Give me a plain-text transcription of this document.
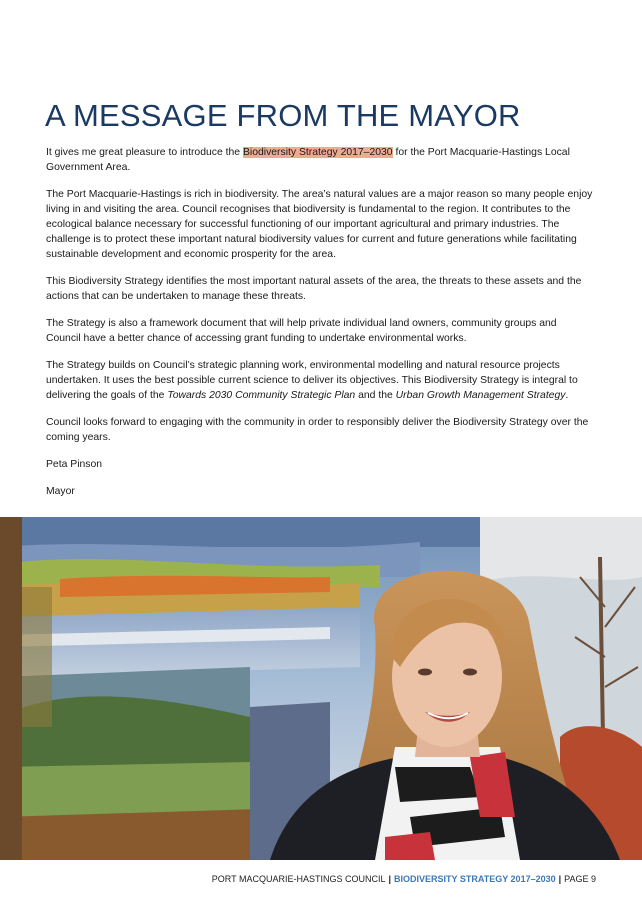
A MESSAGE FROM THE MAYOR

It gives me great pleasure to introduce the Biodiversity Strategy 2017–2030 for the Port Macquarie-Hastings Local Government Area.

The Port Macquarie-Hastings is rich in biodiversity. The area’s natural values are a major reason so many people enjoy living in and visiting the area. Council recognises that biodiversity is fundamental to the region. It contributes to the ecological balance necessary for successful functioning of our important agricultural and primary industries. The challenge is to protect these important natural biodiversity values for current and future generations while facilitating sustainable development and economic prosperity for the area.

This Biodiversity Strategy identifies the most important natural assets of the area, the threats to these assets and the actions that can be undertaken to manage these threats.

The Strategy is also a framework document that will help private individual land owners, community groups and Council have a better chance of accessing grant funding to undertake environmental works.

The Strategy builds on Council’s strategic planning work, environmental modelling and natural resource projects undertaken. It uses the best possible current science to deliver its objectives. This Biodiversity Strategy is integral to delivering the goals of the Towards 2030 Community Strategic Plan and the Urban Growth Management Strategy.

Council looks forward to engaging with the community in order to responsibly deliver the Biodiversity Strategy over the coming years.

Peta Pinson

Mayor

PORT MACQUARIE-HASTINGS COUNCIL | BIODIVERSITY STRATEGY 2017–2030 | PAGE 9
